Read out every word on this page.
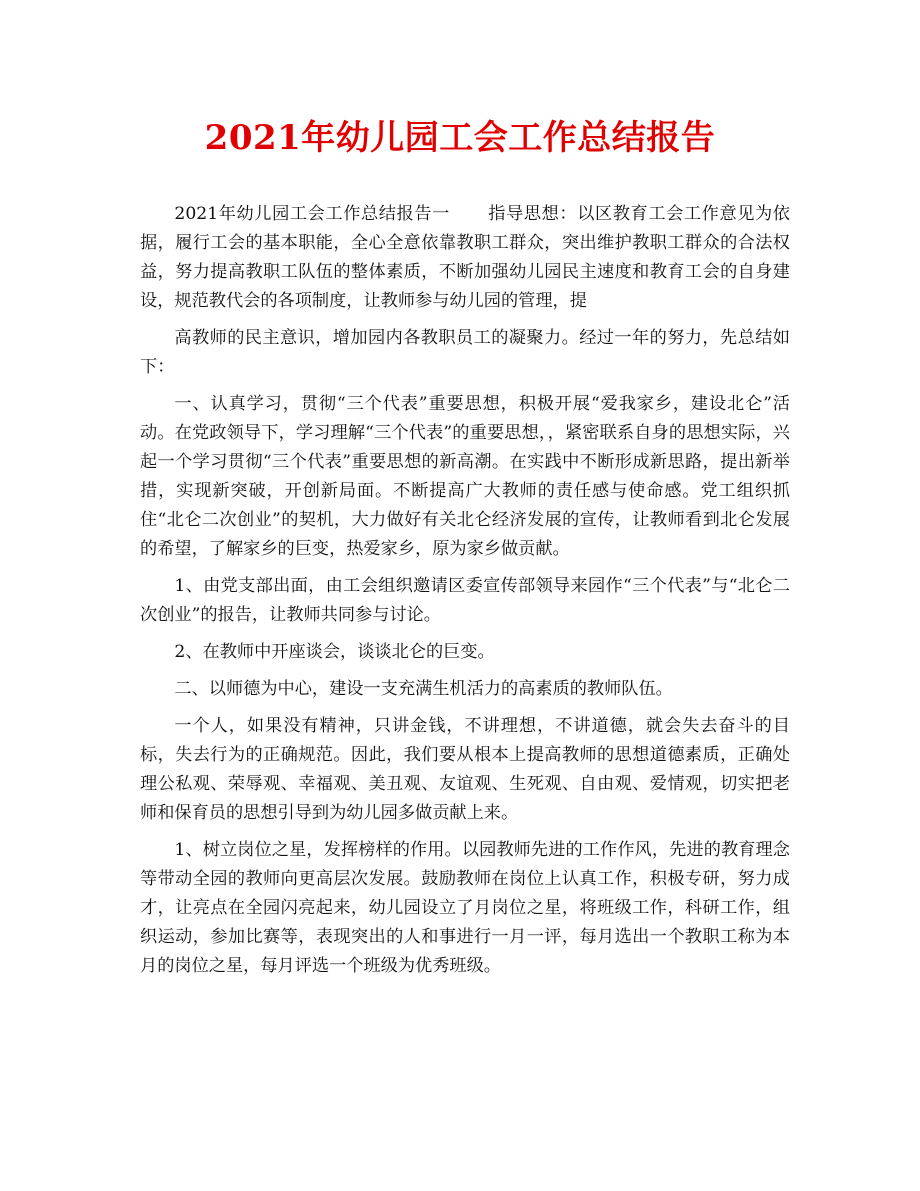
2021年幼儿园工会工作总结报告

2021年幼儿园工会工作总结报告一 指导思想：以区教育工会工作意见为依据，履行工会的基本职能，全心全意依靠教职工群众，突出维护教职工群众的合法权益，努力提高教职工队伍的整体素质，不断加强幼儿园民主速度和教育工会的自身建设，规范教代会的各项制度，让教师参与幼儿园的管理，提

高教师的民主意识，增加园内各教职员工的凝聚力。经过一年的努力，先总结如下：

一、认真学习，贯彻“三个代表”重要思想，积极开展“爱我家乡，建设北仑”活动。在党政领导下，学习理解“三个代表”的重要思想，，紧密联系自身的思想实际，兴起一个学习贯彻“三个代表”重要思想的新高潮。在实践中不断形成新思路，提出新举措，实现新突破，开创新局面。不断提高广大教师的责任感与使命感。党工组织抓住“北仑二次创业”的契机，大力做好有关北仑经济发展的宣传，让教师看到北仑发展的希望，了解家乡的巨变，热爱家乡，原为家乡做贡献。

1、由党支部出面，由工会组织邀请区委宣传部领导来园作“三个代表”与“北仑二次创业”的报告，让教师共同参与讨论。

2、在教师中开座谈会，谈谈北仑的巨变。

二、以师德为中心，建设一支充满生机活力的高素质的教师队伍。

一个人，如果没有精神，只讲金钱，不讲理想，不讲道德，就会失去奋斗的目标，失去行为的正确规范。因此，我们要从根本上提高教师的思想道德素质，正确处理公私观、荣辱观、幸福观、美丑观、友谊观、生死观、自由观、爱情观，切实把老师和保育员的思想引导到为幼儿园多做贡献上来。

1、树立岗位之星，发挥榜样的作用。以园教师先进的工作作风，先进的教育理念等带动全园的教师向更高层次发展。鼓励教师在岗位上认真工作，积极专研，努力成才，让亮点在全园闪亮起来，幼儿园设立了月岗位之星，将班级工作，科研工作，组织运动，参加比赛等，表现突出的人和事进行一月一评，每月选出一个教职工称为本月的岗位之星，每月评选一个班级为优秀班级。
